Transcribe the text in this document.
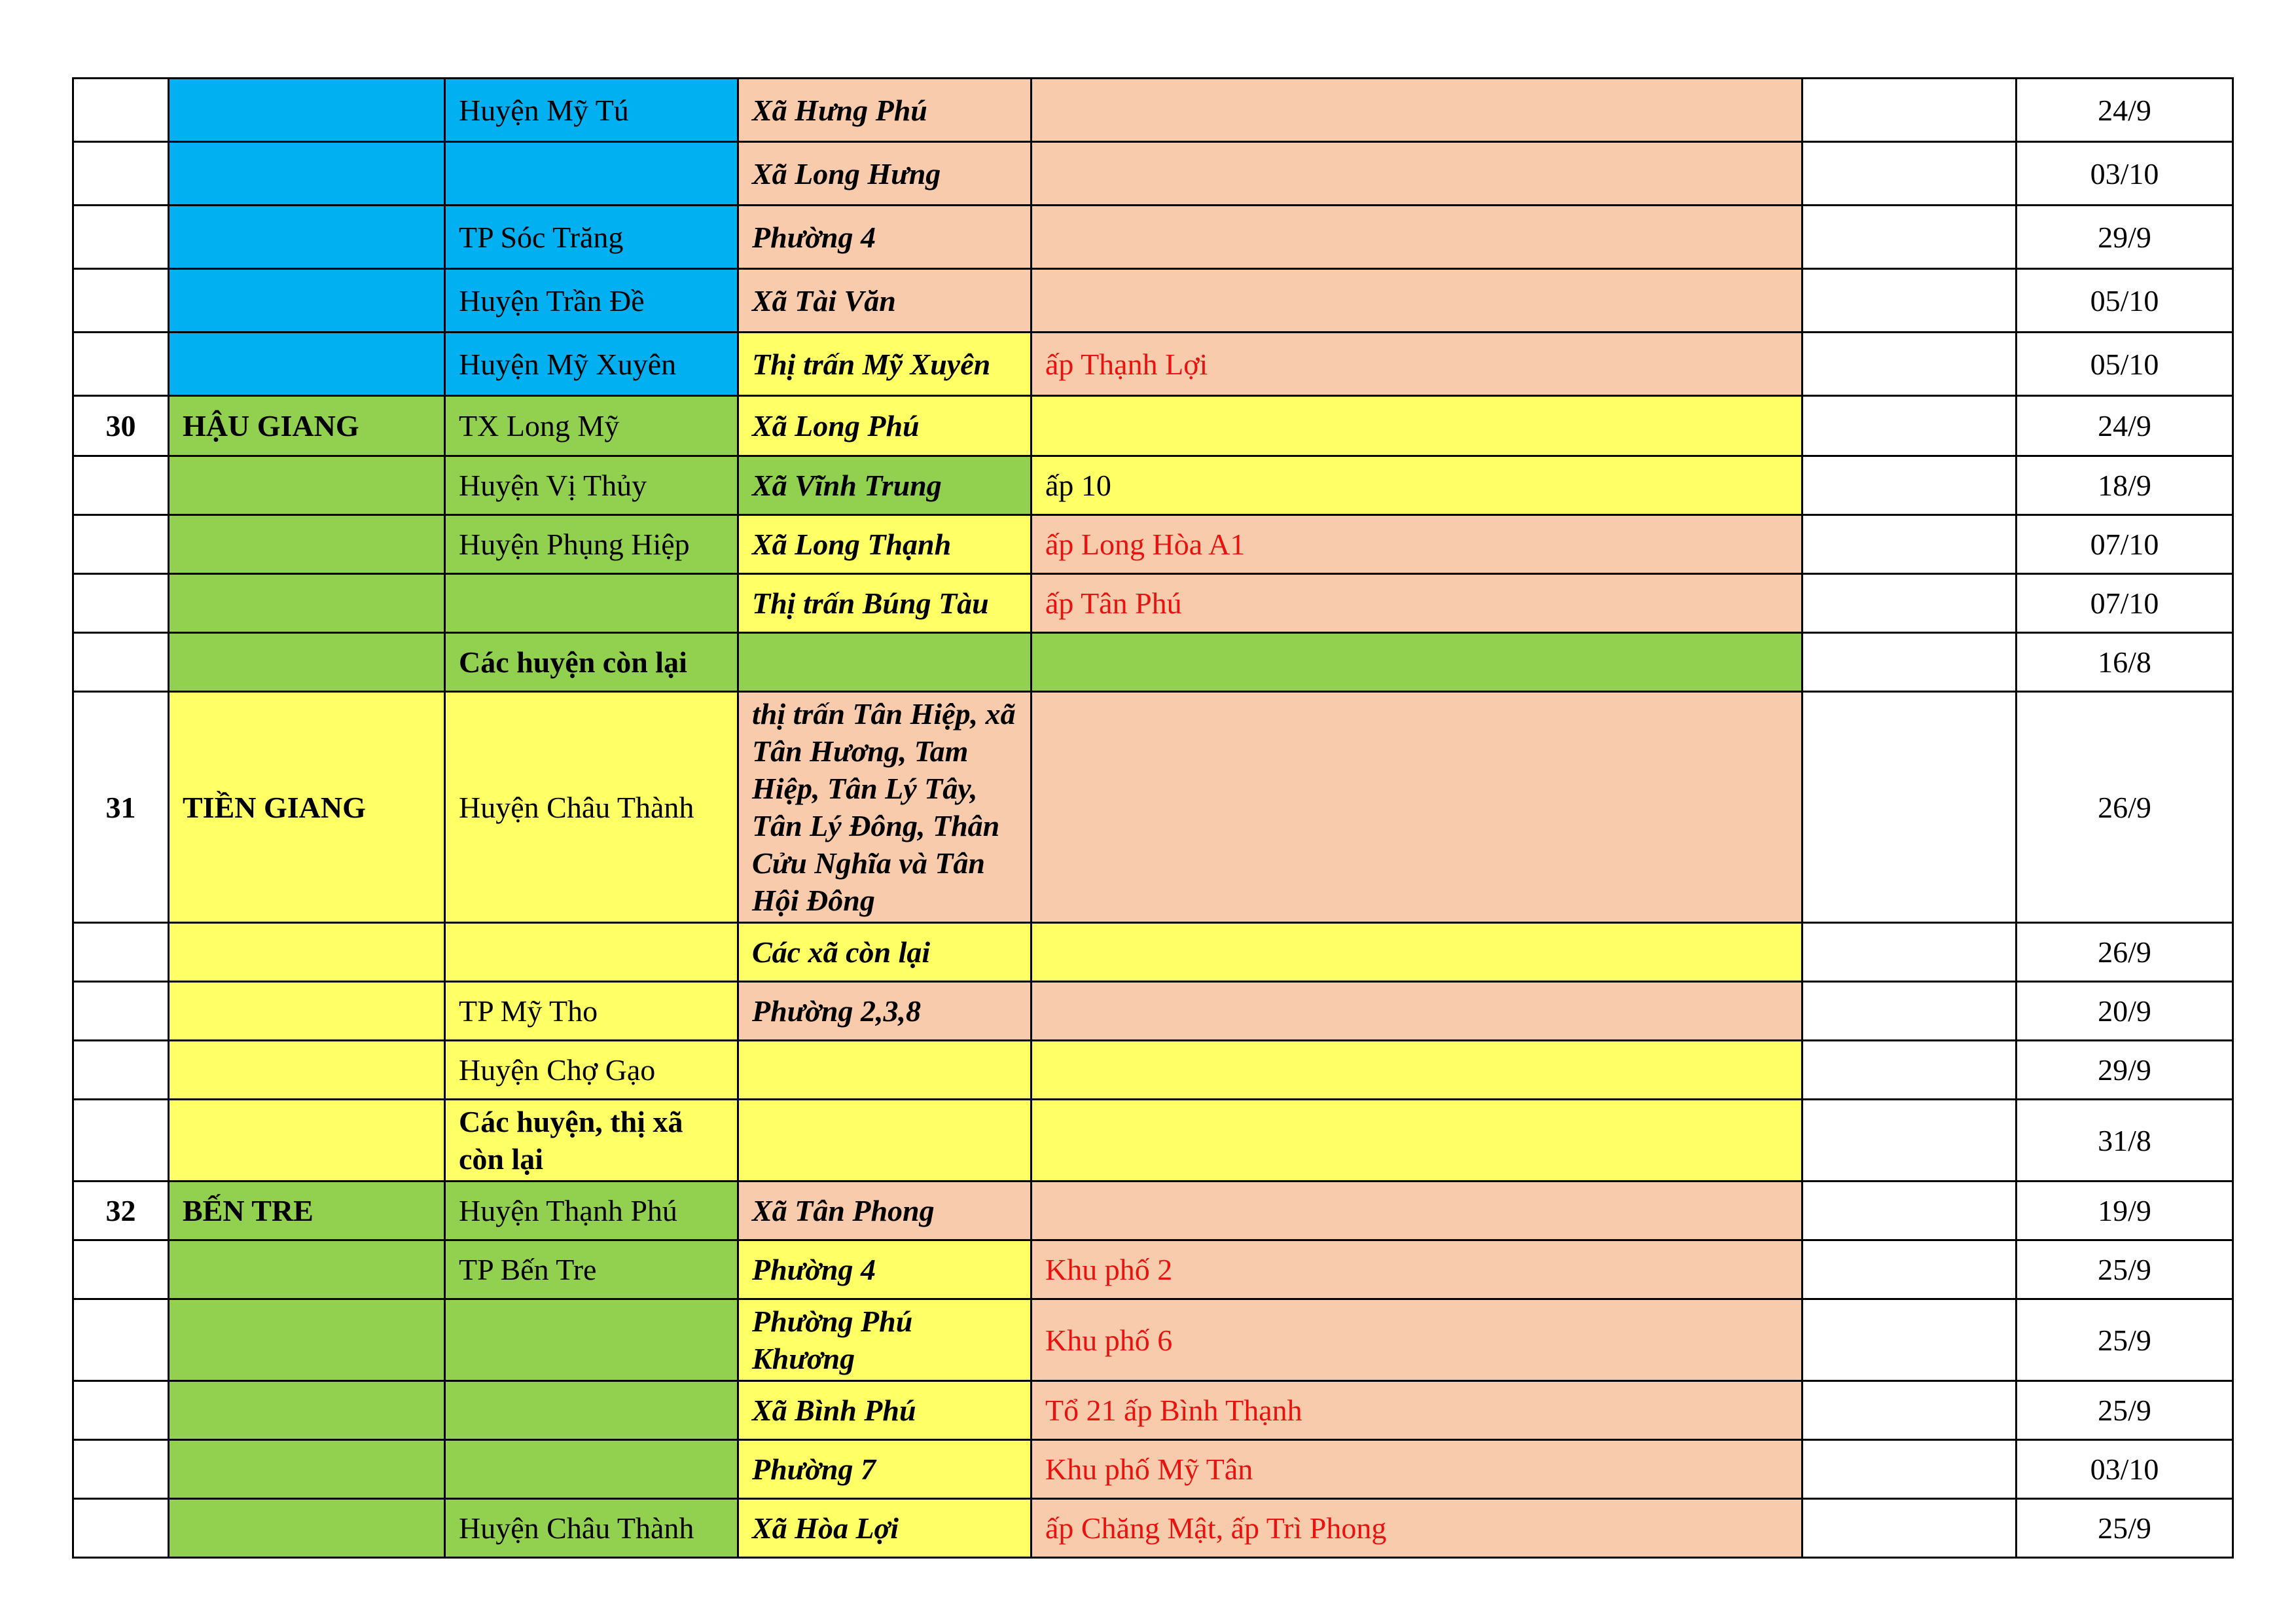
		Huyện Mỹ Tú	Xã Hưng Phú			24/9
			Xã Long Hưng			03/10
		TP Sóc Trăng	Phường 4			29/9
		Huyện Trần Đề	Xã Tài Văn			05/10
		Huyện Mỹ Xuyên	Thị trấn Mỹ Xuyên	ấp Thạnh Lợi		05/10
30	HẬU GIANG	TX Long Mỹ	Xã Long Phú			24/9
		Huyện Vị Thủy	Xã Vĩnh Trung	ấp 10		18/9
		Huyện Phụng Hiệp	Xã Long Thạnh	ấp Long Hòa A1		07/10
			Thị trấn Búng Tàu	ấp Tân Phú		07/10
		Các huyện còn lại				16/8
31	TIỀN GIANG	Huyện Châu Thành	thị trấn Tân Hiệp, xã Tân Hương, Tam Hiệp, Tân Lý Tây, Tân Lý Đông, Thân Cửu Nghĩa và Tân Hội Đông			26/9
			Các xã còn lại			26/9
		TP Mỹ Tho	Phường 2,3,8			20/9
		Huyện Chợ Gạo				29/9
		Các huyện, thị xã còn lại				31/8
32	BẾN TRE	Huyện Thạnh Phú	Xã Tân Phong			19/9
		TP Bến Tre	Phường 4	Khu phố 2		25/9
			Phường Phú Khương	Khu phố 6		25/9
			Xã Bình Phú	Tổ 21 ấp Bình Thạnh		25/9
			Phường 7	Khu phố Mỹ Tân		03/10
		Huyện Châu Thành	Xã Hòa Lợi	ấp Chăng Mật, ấp Trì Phong		25/9
